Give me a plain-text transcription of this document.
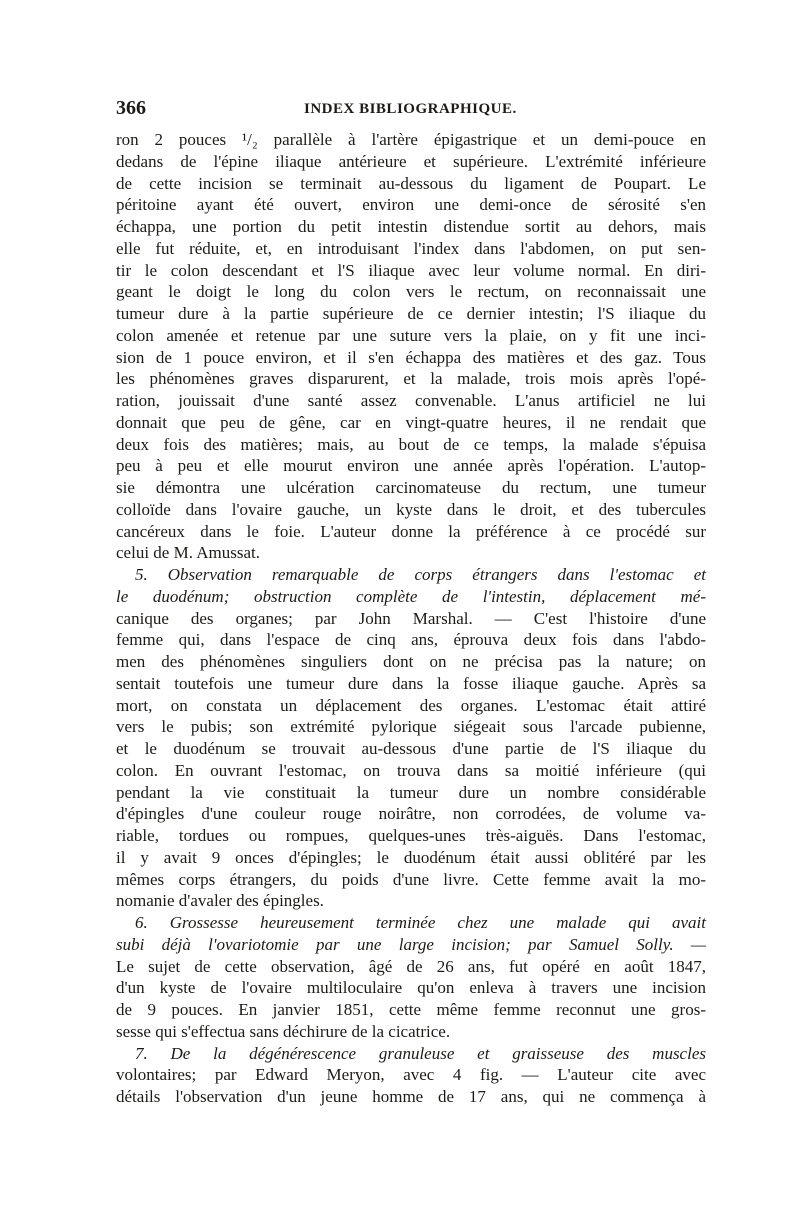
366	INDEX BIBLIOGRAPHIQUE.
ron 2 pouces ¹/₂ parallèle à l'artère épigastrique et un demi-pouce en
dedans de l'épine iliaque antérieure et supérieure. L'extrémité inférieure
de cette incision se terminait au-dessous du ligament de Poupart. Le
péritoine ayant été ouvert, environ une demi-once de sérosité s'en
échappa, une portion du petit intestin distendue sortit au dehors, mais
elle fut réduite, et, en introduisant l'index dans l'abdomen, on put sen-
tir le colon descendant et l'S iliaque avec leur volume normal. En diri-
geant le doigt le long du colon vers le rectum, on reconnaissait une
tumeur dure à la partie supérieure de ce dernier intestin; l'S iliaque du
colon amenée et retenue par une suture vers la plaie, on y fit une inci-
sion de 1 pouce environ, et il s'en échappa des matières et des gaz. Tous
les phénomènes graves disparurent, et la malade, trois mois après l'opé-
ration, jouissait d'une santé assez convenable. L'anus artificiel ne lui
donnait que peu de gêne, car en vingt-quatre heures, il ne rendait que
deux fois des matières; mais, au bout de ce temps, la malade s'épuisa
peu à peu et elle mourut environ une année après l'opération. L'autop-
sie démontra une ulcération carcinomateuse du rectum, une tumeur
colloïde dans l'ovaire gauche, un kyste dans le droit, et des tubercules
cancéreux dans le foie. L'auteur donne la préférence à ce procédé sur
celui de M. Amussat.
5. Observation remarquable de corps étrangers dans l'estomac et
le duodénum; obstruction complète de l'intestin, déplacement mé-
canique des organes; par John Marshal. — C'est l'histoire d'une
femme qui, dans l'espace de cinq ans, éprouva deux fois dans l'abdo-
men des phénomènes singuliers dont on ne précisa pas la nature; on
sentait toutefois une tumeur dure dans la fosse iliaque gauche. Après sa
mort, on constata un déplacement des organes. L'estomac était attiré
vers le pubis; son extrémité pylorique siégeait sous l'arcade pubienne,
et le duodénum se trouvait au-dessous d'une partie de l'S iliaque du
colon. En ouvrant l'estomac, on trouva dans sa moitié inférieure (qui
pendant la vie constituait la tumeur dure un nombre considérable
d'épingles d'une couleur rouge noirâtre, non corrodées, de volume va-
riable, tordues ou rompues, quelques-unes très-aiguës. Dans l'estomac,
il y avait 9 onces d'épingles; le duodénum était aussi oblitéré par les
mêmes corps étrangers, du poids d'une livre. Cette femme avait la mo-
nomanie d'avaler des épingles.
6. Grossesse heureusement terminée chez une malade qui avait
subi déjà l'ovariotomie par une large incision; par Samuel Solly. —
Le sujet de cette observation, âgé de 26 ans, fut opéré en août 1847,
d'un kyste de l'ovaire multiloculaire qu'on enleva à travers une incision
de 9 pouces. En janvier 1851, cette même femme reconnut une gros-
sesse qui s'effectua sans déchirure de la cicatrice.
7. De la dégénérescence granuleuse et graisseuse des muscles
volontaires; par Edward Meryon, avec 4 fig. — L'auteur cite avec
détails l'observation d'un jeune homme de 17 ans, qui ne commença à
